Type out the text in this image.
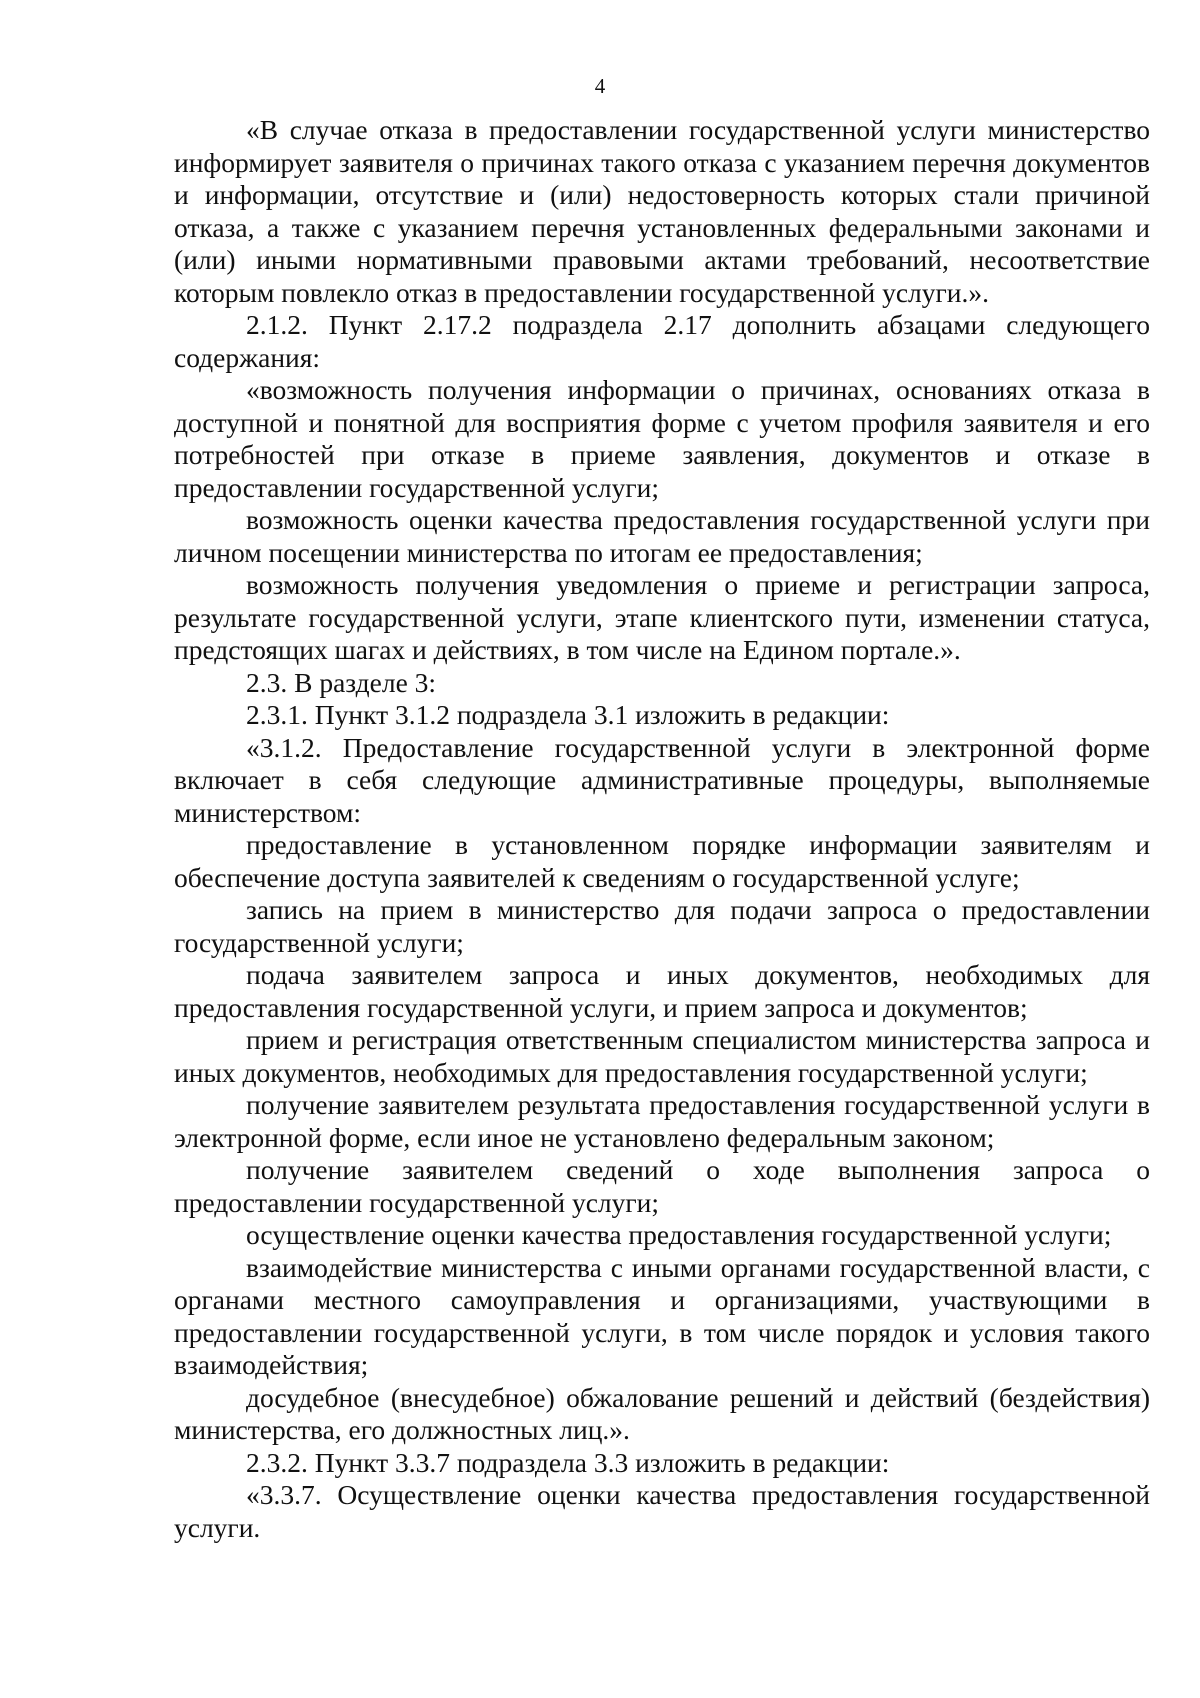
4

«В случае отказа в предоставлении государственной услуги министерство информирует заявителя о причинах такого отказа с указанием перечня документов и информации, отсутствие и (или) недостоверность которых стали причиной отказа, а также с указанием перечня установленных федеральными законами и (или) иными нормативными правовыми актами требований, несоответствие которым повлекло отказ в предоставлении государственной услуги.».

2.1.2. Пункт 2.17.2 подраздела 2.17 дополнить абзацами следующего содержания:

«возможность получения информации о причинах, основаниях отказа в доступной и понятной для восприятия форме с учетом профиля заявителя и его потребностей при отказе в приеме заявления, документов и отказе в предоставлении государственной услуги;

возможность оценки качества предоставления государственной услуги при личном посещении министерства по итогам ее предоставления;

возможность получения уведомления о приеме и регистрации запроса, результате государственной услуги, этапе клиентского пути, изменении статуса, предстоящих шагах и действиях, в том числе на Едином портале.».

2.3. В разделе 3:

2.3.1. Пункт 3.1.2 подраздела 3.1 изложить в редакции:

«3.1.2. Предоставление государственной услуги в электронной форме включает в себя следующие административные процедуры, выполняемые министерством:

предоставление в установленном порядке информации заявителям и обеспечение доступа заявителей к сведениям о государственной услуге;

запись на прием в министерство для подачи запроса о предоставлении государственной услуги;

подача заявителем запроса и иных документов, необходимых для предоставления государственной услуги, и прием запроса и документов;

прием и регистрация ответственным специалистом министерства запроса и иных документов, необходимых для предоставления государственной услуги;

получение заявителем результата предоставления государственной услуги в электронной форме, если иное не установлено федеральным законом;

получение заявителем сведений о ходе выполнения запроса о предоставлении государственной услуги;

осуществление оценки качества предоставления государственной услуги;

взаимодействие министерства с иными органами государственной власти, с органами местного самоуправления и организациями, участвующими в предоставлении государственной услуги, в том числе порядок и условия такого взаимодействия;

досудебное (внесудебное) обжалование решений и действий (бездействия) министерства, его должностных лиц.».

2.3.2. Пункт 3.3.7 подраздела 3.3 изложить в редакции:

«3.3.7. Осуществление оценки качества предоставления государственной услуги.
